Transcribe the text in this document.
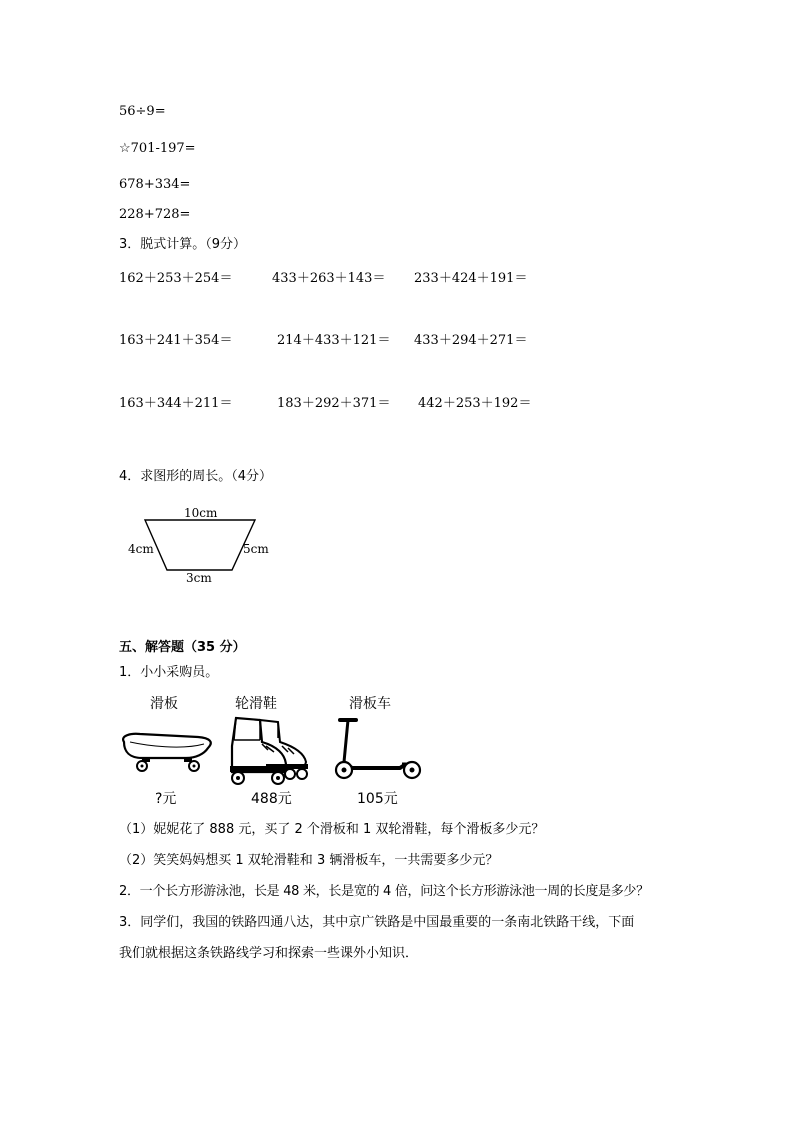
56÷9=
☆701-197=
678+334=
228+728=
3．脱式计算。（9分）
162＋253＋254＝	433＋263＋143＝ 233＋424＋191＝
163＋241＋354＝	214＋433＋121＝ 433＋294＋271＝
163＋344＋211＝	183＋292＋371＝ 442＋253＋192＝
4．求图形的周长。（4分）
10cm
4cm	5cm
3cm
五、解答题（35 分）
1．小小采购员。
滑板	轮滑鞋	滑板车
?元	488元	105元
（1）妮妮花了 888 元，买了 2 个滑板和 1 双轮滑鞋，每个滑板多少元？
（2）笑笑妈妈想买 1 双轮滑鞋和 3 辆滑板车，一共需要多少元？
2．一个长方形游泳池，长是 48 米，长是宽的 4 倍，问这个长方形游泳池一周的长度是多少？
3．同学们，我国的铁路四通八达，其中京广铁路是中国最重要的一条南北铁路干线，下面
我们就根据这条铁路线学习和探索一些课外小知识．
